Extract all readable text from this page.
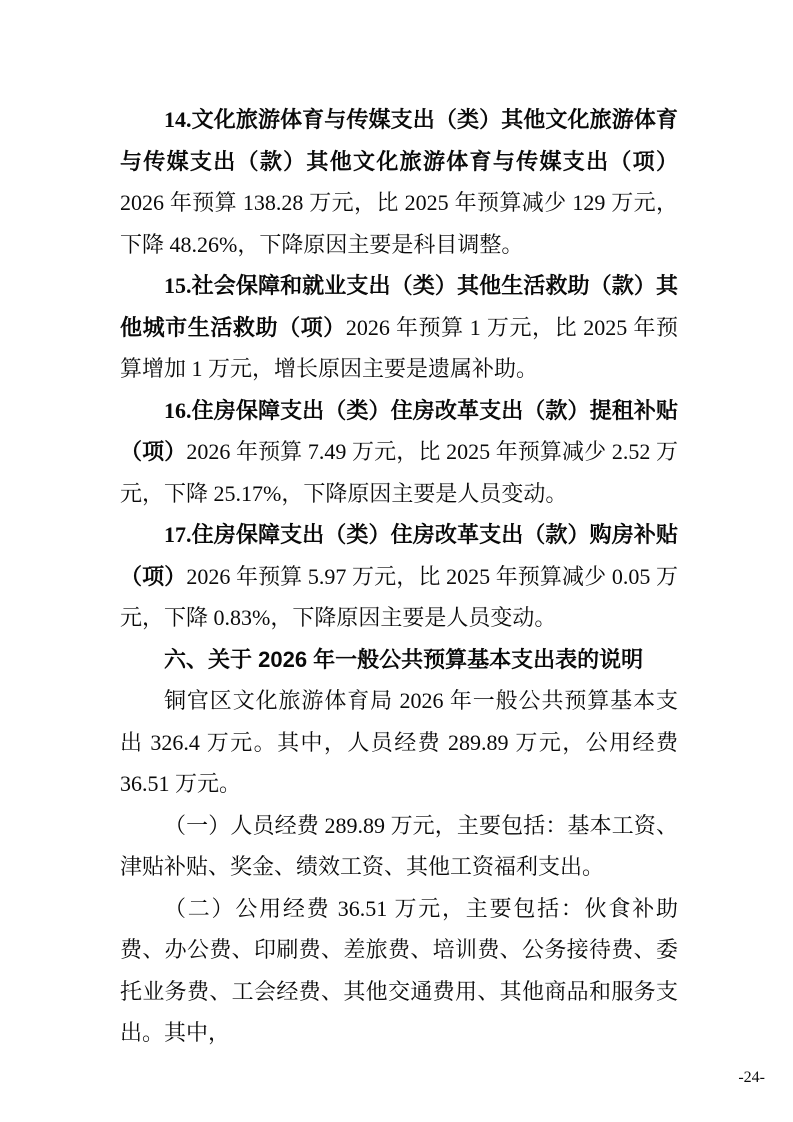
14.文化旅游体育与传媒支出（类）其他文化旅游体育与传媒支出（款）其他文化旅游体育与传媒支出（项）2026 年预算 138.28 万元，比 2025 年预算减少 129 万元，下降 48.26%，下降原因主要是科目调整。

15.社会保障和就业支出（类）其他生活救助（款）其他城市生活救助（项）2026 年预算 1 万元，比 2025 年预算增加 1 万元，增长原因主要是遗属补助。

16.住房保障支出（类）住房改革支出（款）提租补贴（项）2026 年预算 7.49 万元，比 2025 年预算减少 2.52 万元，下降 25.17%，下降原因主要是人员变动。

17.住房保障支出（类）住房改革支出（款）购房补贴（项）2026 年预算 5.97 万元，比 2025 年预算减少 0.05 万元，下降 0.83%，下降原因主要是人员变动。

六、关于 2026 年一般公共预算基本支出表的说明

铜官区文化旅游体育局 2026 年一般公共预算基本支出 326.4 万元。其中，人员经费 289.89 万元，公用经费 36.51 万元。

（一）人员经费 289.89 万元，主要包括：基本工资、津贴补贴、奖金、绩效工资、其他工资福利支出。

（二）公用经费 36.51 万元，主要包括：伙食补助费、办公费、印刷费、差旅费、培训费、公务接待费、委托业务费、工会经费、其他交通费用、其他商品和服务支出。其中，

-24-
